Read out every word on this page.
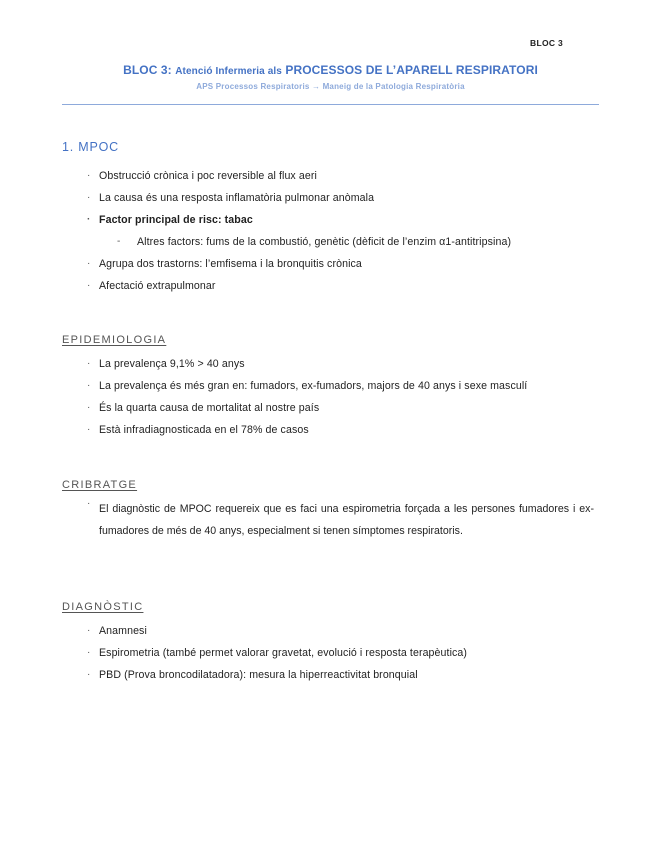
BLOC 3
BLOC 3: Atenció Infermeria als PROCESSOS DE L’APARELL RESPIRATORI
APS Processos Respiratoris → Maneig de la Patologia Respiratòria
1. MPOC
· Obstrucció crònica i poc reversible al flux aeri
· La causa és una resposta inflamatòria pulmonar anòmala
· Factor principal de risc: tabac
- Altres factors: fums de la combustió, genètic (dèficit de l’enzim α1-antitripsina)
· Agrupa dos trastorns: l’emfisema i la bronquitis crònica
· Afectació extrapulmonar
EPIDEMIOLOGIA
· La prevalença 9,1% > 40 anys
· La prevalença és més gran en: fumadors, ex-fumadors, majors de 40 anys i sexe masculí
· És la quarta causa de mortalitat al nostre país
· Està infradiagnosticada en el 78% de casos
CRIBRATGE
· El diagnòstic de MPOC requereix que es faci una espirometria forçada a les persones fumadores i ex-fumadores de més de 40 anys, especialment si tenen símptomes respiratoris.
DIAGNÒSTIC
· Anamnesi
· Espirometria (també permet valorar gravetat, evolució i resposta terapèutica)
· PBD (Prova broncodilatadora): mesura la hiperreactivitat bronquial
